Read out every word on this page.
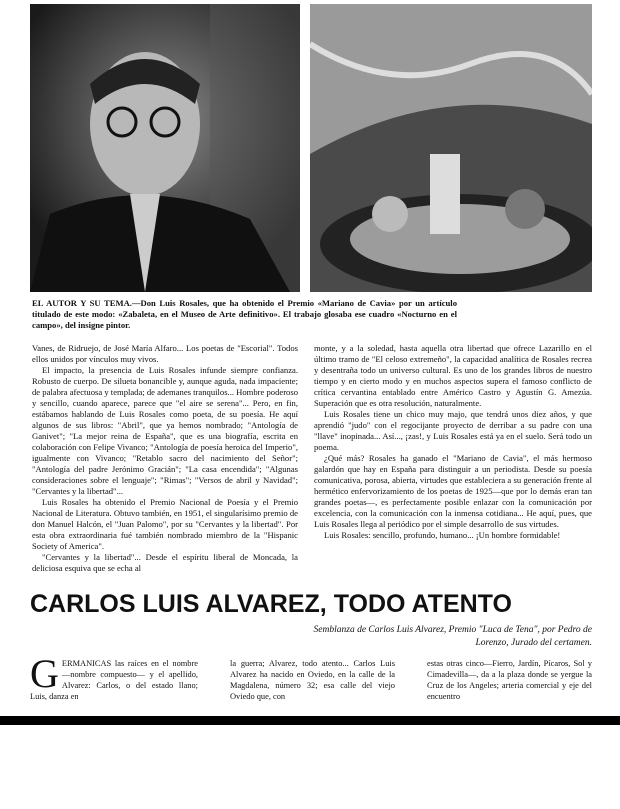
EL AUTOR Y SU TEMA.—Don Luis Rosales, que ha obtenido el Premio «Mariano de Cavia» por un artículo titulado de este modo: «Zabaleta, en el Museo de Arte definitivo». El trabajo glosaba ese cuadro «Nocturno en el campo», del insigne pintor.

Vanes, de Ridruejo, de José María Alfaro... Los poetas de "Escorial". Todos ellos unidos por vínculos muy vivos.

El impacto, la presencia de Luis Rosales infunde siempre confianza. Robusto de cuerpo. De silueta bonancible y, aunque aguda, nada impaciente; de palabra afectuosa y templada; de ademanes tranquilos... Hombre poderoso y sencillo, cuando aparece, parece que "el aire se serena"... Pero, en fin, estábamos hablando de Luis Rosales como poeta, de su poesía. He aquí algunos de sus libros: "Abril", que ya hemos nombrado; "Antología de Ganivet"; "La mejor reina de España", que es una biografía, escrita en colaboración con Felipe Vivanco; "Antología de poesía heroica del Imperio", igualmente con Vivanco; "Retablo sacro del nacimiento del Señor"; "Antología del padre Jerónimo Gracián"; "La casa encendida"; "Algunas consideraciones sobre el lenguaje"; "Rimas"; "Versos de abril y Navidad"; "Cervantes y la libertad"...

Luis Rosales ha obtenido el Premio Nacional de Poesía y el Premio Nacional de Literatura. Obtuvo también, en 1951, el singularísimo premio de don Manuel Halcón, el "Juan Palomo", por su "Cervantes y la libertad". Por esta obra extraordinaria fué también nombrado miembro de la "Hispanic Society of America".

"Cervantes y la libertad"... Desde el espíritu liberal de Moncada, la deliciosa esquiva que se echa al

monte, y a la soledad, hasta aquella otra libertad que ofrece Lazarillo en el último tramo de "El celoso extremeño", la capacidad analítica de Rosales recrea y desentraña todo un universo cultural. Es uno de los grandes libros de nuestro tiempo y en cierto modo y en muchos aspectos supera el famoso conflicto de crítica cervantina entablado entre Américo Castro y Agustín G. Amezúa. Superación que es otra resolución, naturalmente.

Luis Rosales tiene un chico muy majo, que tendrá unos diez años, y que aprendió "judo" con el regocijante proyecto de derribar a su padre con una "llave" inopinada... Así..., ¡zas!, y Luis Rosales está ya en el suelo. Será todo un poema.

¿Qué más? Rosales ha ganado el "Mariano de Cavia", el más hermoso galardón que hay en España para distinguir a un periodista. Desde su poesía comunicativa, porosa, abierta, virtudes que estableciera a su generación frente al hermético enfervorizamiento de los poetas de 1925—que por lo demás eran tan grandes poetas—, es perfectamente posible enlazar con la comunicación por excelencia, con la comunicación con la inmensa cotidiana... He aquí, pues, que Luis Rosales llega al periódico por el simple desarrollo de sus virtudes.

Luis Rosales: sencillo, profundo, humano... ¡Un hombre formidable!

CARLOS LUIS ALVAREZ, TODO ATENTO
Semblanza de Carlos Luis Alvarez, Premio "Luca de Tena", por Pedro de Lorenzo, Jurado del certamen.
GERMANICAS las raíces en el nombre —nombre compuesto— y el apellido, Alvarez: Carlos, o del estado llano; Luis, danza en
la guerra; Alvarez, todo atento... Carlos Luis Alvarez ha nacido en Oviedo, en la calle de la Magdalena, número 32; esa calle del viejo Oviedo que, con
estas otras cinco—Fierro, Jardín, Pícaros, Sol y Cimadevilla—, da a la plaza donde se yergue la Cruz de los Angeles; arteria comercial y eje del encuentro
